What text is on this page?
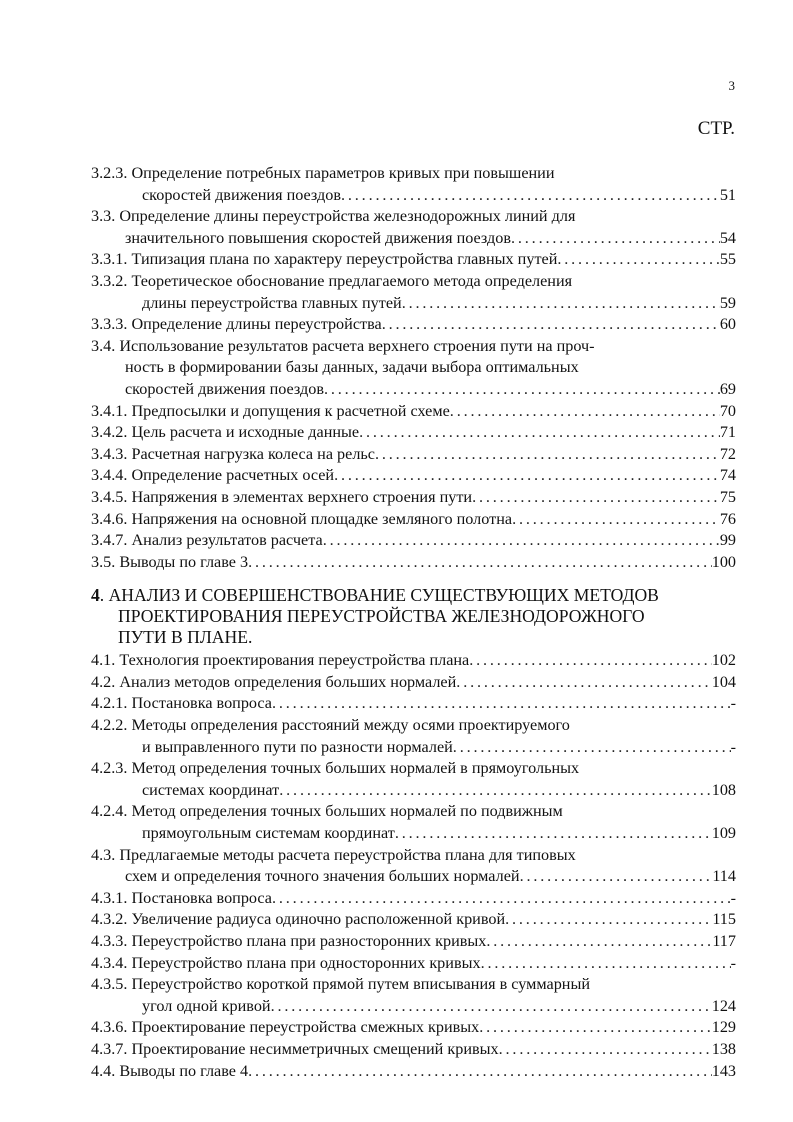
3
СТР.
3.2.3. Определение потребных параметров кривых при повышении
скоростей движения поездов . . .	51
3.3. Определение длины переустройства железнодорожных линий для
значительного повышения скоростей движения поездов . . .	54
3.3.1. Типизация плана по характеру переустройства главных путей . . .	55
3.3.2. Теоретическое обоснование предлагаемого метода определения
длины переустройства главных путей . . .	59
3.3.3. Определение длины переустройства . . .	60
3.4. Использование результатов расчета верхнего строения пути на проч-
ность в формировании базы данных, задачи выбора оптимальных
скоростей движения поездов . . .	69
3.4.1. Предпосылки и допущения к расчетной схеме . . .	70
3.4.2. Цель расчета и исходные данные . . .	71
3.4.3. Расчетная нагрузка колеса на рельс . . .	72
3.4.4. Определение расчетных осей . . .	74
3.4.5. Напряжения в элементах верхнего строения пути . . .	75
3.4.6. Напряжения на основной площадке земляного полотна . . .	76
3.4.7. Анализ результатов расчета . . .	99
3.5. Выводы по главе 3 . . .	100
4. АНАЛИЗ И СОВЕРШЕНСТВОВАНИЕ СУЩЕСТВУЮЩИХ МЕТОДОВ
ПРОЕКТИРОВАНИЯ ПЕРЕУСТРОЙСТВА ЖЕЛЕЗНОДОРОЖНОГО
ПУТИ В ПЛАНЕ.
4.1. Технология проектирования переустройства плана . . .	102
4.2. Анализ методов определения больших нормалей . . .	104
4.2.1. Постановка вопроса . . .	-
4.2.2. Методы определения расстояний между осями проектируемого
и выправленного пути по разности нормалей . . .	-
4.2.3. Метод определения точных больших нормалей в прямоугольных
системах координат . . .	108
4.2.4. Метод определения точных больших нормалей по подвижным
прямоугольным системам координат . . .	109
4.3. Предлагаемые методы расчета переустройства плана для типовых
схем и определения точного значения больших нормалей . . .	114
4.3.1. Постановка вопроса . . .	-
4.3.2. Увеличение радиуса одиночно расположенной кривой . . .	115
4.3.3. Переустройство плана при разносторонних кривых . . .	117
4.3.4. Переустройство плана при односторонних кривых . . .	-
4.3.5. Переустройство короткой прямой путем вписывания в суммарный
угол одной кривой . . .	124
4.3.6. Проектирование переустройства смежных кривых . . .	129
4.3.7. Проектирование несимметричных смещений кривых . . .	138
4.4. Выводы по главе 4 . . .	143
